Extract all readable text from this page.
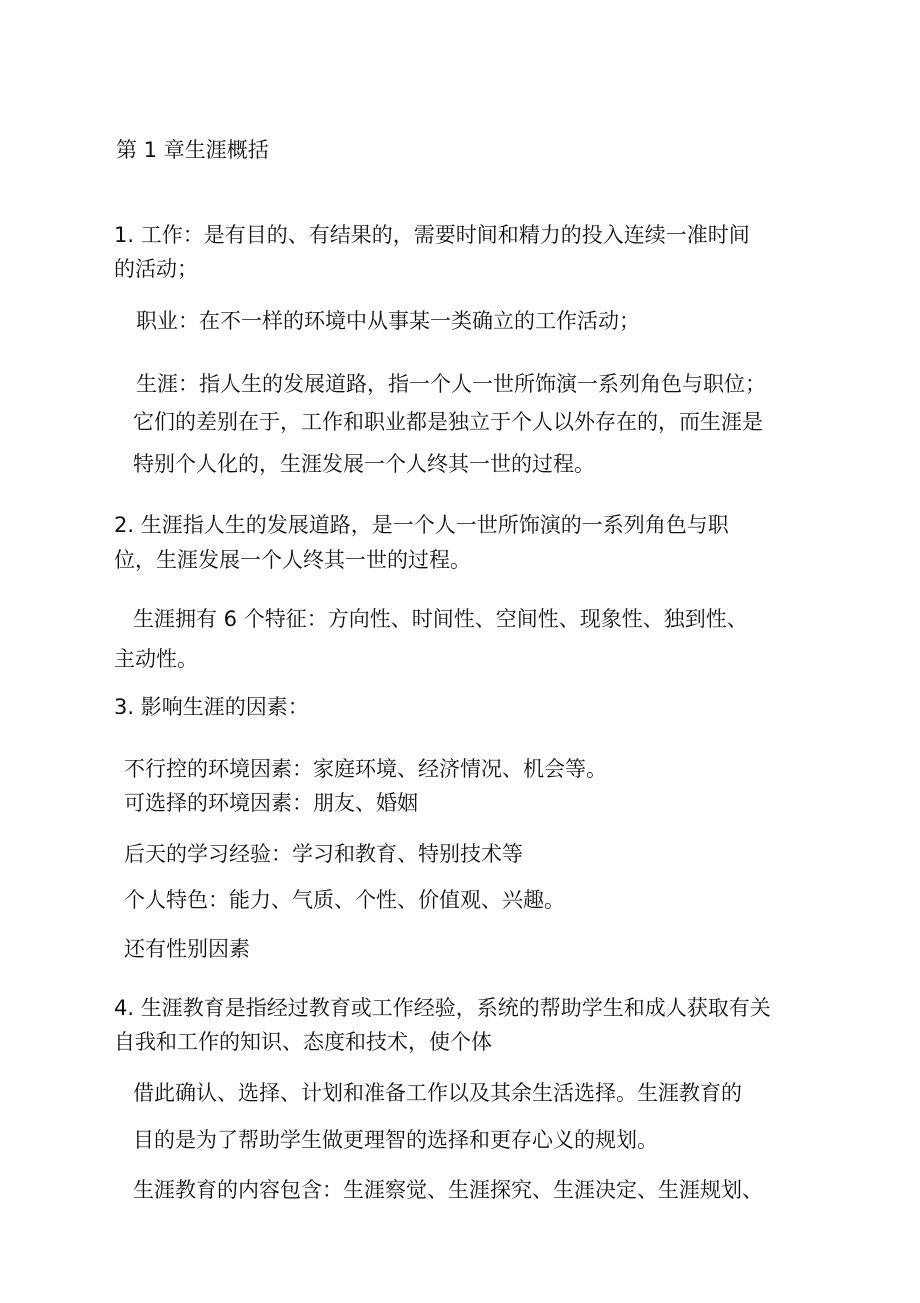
第 1 章生涯概括

1. 工作：是有目的、有结果的，需要时间和精力的投入连续一准时间

的活动；

职业：在不一样的环境中从事某一类确立的工作活动；

生涯：指人生的发展道路，指一个人一世所饰演一系列角色与职位；

它们的差别在于，工作和职业都是独立于个人以外存在的，而生涯是

特别个人化的，生涯发展一个人终其一世的过程。

2. 生涯指人生的发展道路，是一个人一世所饰演的一系列角色与职

位，生涯发展一个人终其一世的过程。

生涯拥有 6 个特征：方向性、时间性、空间性、现象性、独到性、

主动性。

3. 影响生涯的因素：

不行控的环境因素：家庭环境、经济情况、机会等。

可选择的环境因素：朋友、婚姻

后天的学习经验：学习和教育、特别技术等

个人特色：能力、气质、个性、价值观、兴趣。

还有性别因素

4. 生涯教育是指经过教育或工作经验，系统的帮助学生和成人获取有关

自我和工作的知识、态度和技术，使个体

借此确认、选择、计划和准备工作以及其余生活选择。生涯教育的

目的是为了帮助学生做更理智的选择和更存心义的规划。

生涯教育的内容包含：生涯察觉、生涯探究、生涯决定、生涯规划、
